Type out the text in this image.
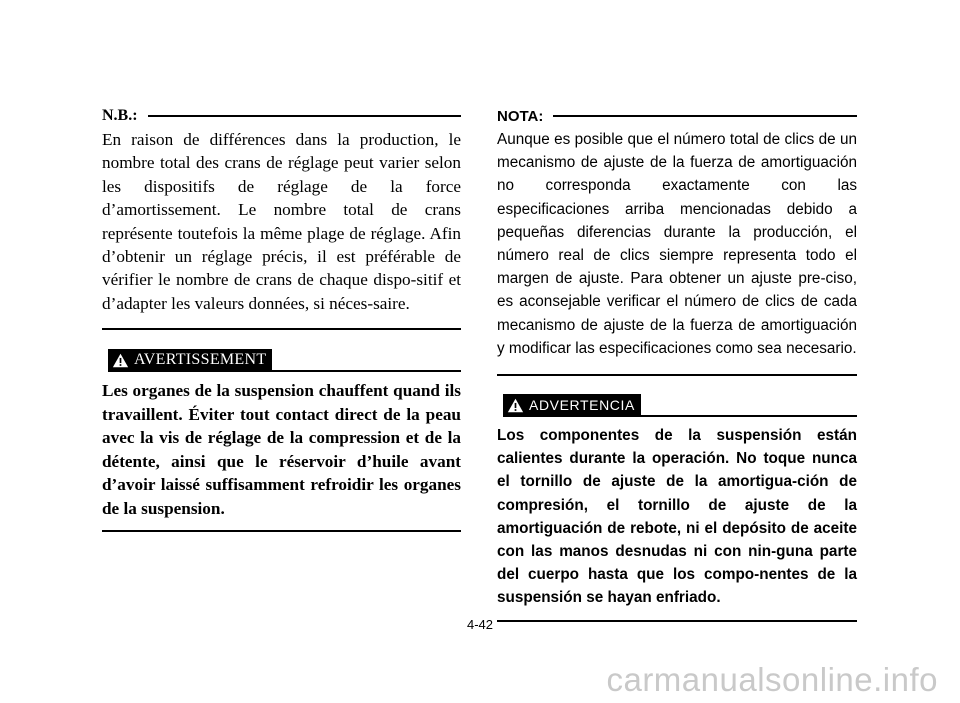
N.B.:

En raison de différences dans la production, le nombre total des crans de réglage peut varier selon les dispositifs de réglage de la force d’amortissement. Le nombre total de crans représente toutefois la même plage de réglage. Afin d’obtenir un réglage précis, il est préférable de vérifier le nombre de crans de chaque dispo-sitif et d’adapter les valeurs données, si néces-saire.

AVERTISSEMENT

Les organes de la suspension chauffent quand ils travaillent. Éviter tout contact direct de la peau avec la vis de réglage de la compression et de la détente, ainsi que le réservoir d’huile avant d’avoir laissé suffisamment refroidir les organes de la suspension.

NOTA:

Aunque es posible que el número total de clics de un mecanismo de ajuste de la fuerza de amortiguación no corresponda exactamente con las especificaciones arriba mencionadas debido a pequeñas diferencias durante la producción, el número real de clics siempre representa todo el margen de ajuste. Para obtener un ajuste pre-ciso, es aconsejable verificar el número de clics de cada mecanismo de ajuste de la fuerza de amortiguación y modificar las especificaciones como sea necesario.

ADVERTENCIA

Los componentes de la suspensión están calientes durante la operación. No toque nunca el tornillo de ajuste de la amortigua-ción de compresión, el tornillo de ajuste de la amortiguación de rebote, ni el depósito de aceite con las manos desnudas ni con nin-guna parte del cuerpo hasta que los compo-nentes de la suspensión se hayan enfriado.

4-42
carmanualsonline.info
